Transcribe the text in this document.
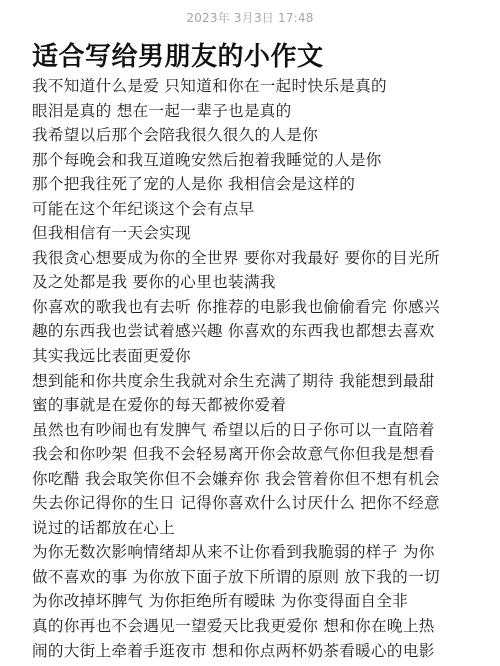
2023年 3月3日 17:48
适合写给男朋友的小作文
我不知道什么是爱 只知道和你在一起时快乐是真的
眼泪是真的 想在一起一辈子也是真的
我希望以后那个会陪我很久很久的人是你
那个每晚会和我互道晚安然后抱着我睡觉的人是你
那个把我往死了宠的人是你 我相信会是这样的
可能在这个年纪谈这个会有点早
但我相信有一天会实现
我很贪心想要成为你的全世界 要你对我最好 要你的目光所
及之处都是我 要你的心里也装满我
你喜欢的歌我也有去听 你推荐的电影我也偷偷看完 你感兴
趣的东西我也尝试着感兴趣 你喜欢的东西我也都想去喜欢
其实我远比表面更爱你
想到能和你共度余生我就对余生充满了期待 我能想到最甜
蜜的事就是在爱你的每天都被你爱着
虽然也有吵闹也有发脾气 希望以后的日子你可以一直陪着
我会和你吵架 但我不会轻易离开你会故意气你但我是想看
你吃醋 我会取笑你但不会嫌弃你 我会管着你但不想有机会
失去你记得你的生日 记得你喜欢什么讨厌什么 把你不经意
说过的话都放在心上
为你无数次影响情绪却从来不让你看到我脆弱的样子 为你
做不喜欢的事 为你放下面子放下所谓的原则 放下我的一切
为你改掉坏脾气 为你拒绝所有暧昧 为你变得面自全非
真的你再也不会遇见一望爱天比我更爱你 想和你在晚上热
闹的大街上牵着手逛夜市 想和你点两杯奶茶看暖心的电影
